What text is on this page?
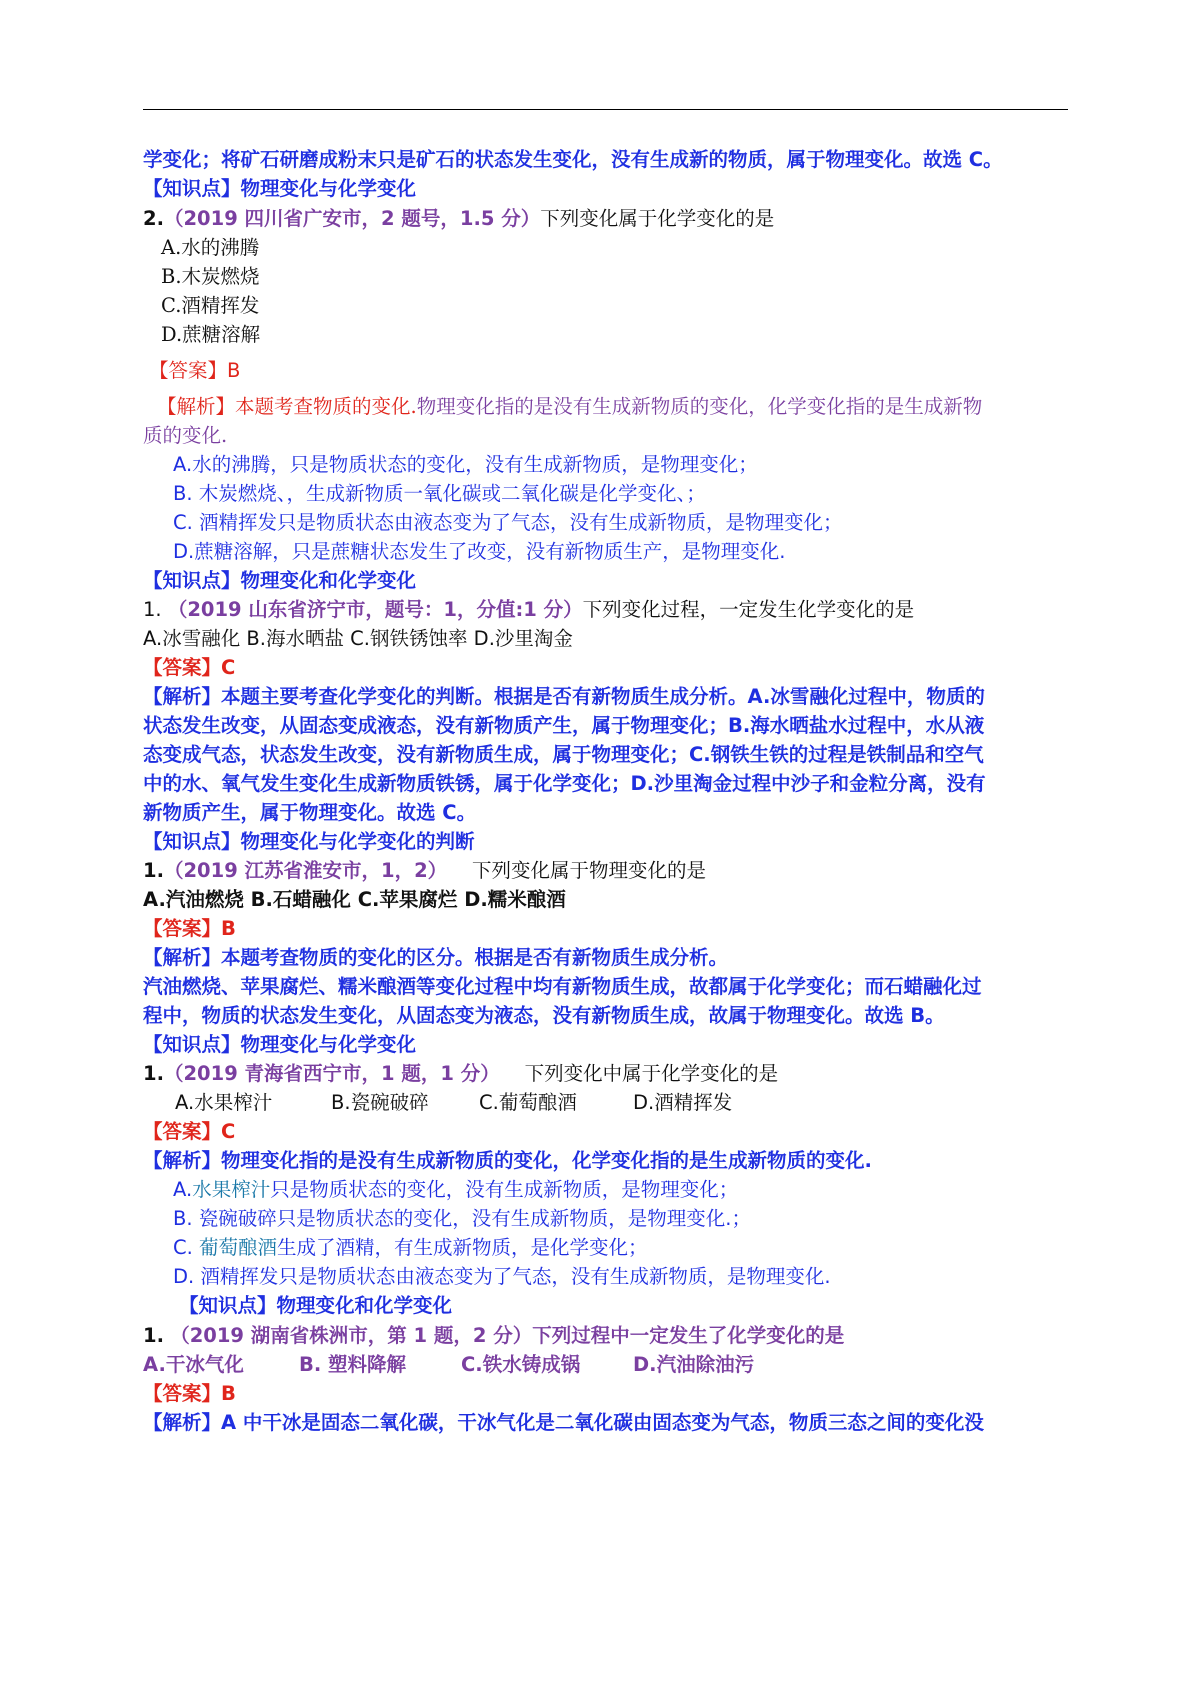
学变化；将矿石研磨成粉末只是矿石的状态发生变化，没有生成新的物质，属于物理变化。故选 C。
【知识点】物理变化与化学变化
2.（2019 四川省广安市，2 题号，1.5 分）下列变化属于化学变化的是
A.水的沸腾
B.木炭燃烧
C.酒精挥发
D.蔗糖溶解
【答案】B
【解析】本题考查物质的变化.物理变化指的是没有生成新物质的变化，化学变化指的是生成新物
质的变化.
A.水的沸腾，只是物质状态的变化，没有生成新物质，是物理变化；
B. 木炭燃烧、，生成新物质一氧化碳或二氧化碳是化学变化、；
C. 酒精挥发只是物质状态由液态变为了气态，没有生成新物质，是物理变化；
D.蔗糖溶解，只是蔗糖状态发生了改变，没有新物质生产，是物理变化.
【知识点】物理变化和化学变化
1. （2019 山东省济宁市，题号：1，分值:1 分）下列变化过程，一定发生化学变化的是
A.冰雪融化 B.海水晒盐 C.钢铁锈蚀率 D.沙里淘金
【答案】C
【解析】本题主要考查化学变化的判断。根据是否有新物质生成分析。A.冰雪融化过程中，物质的
状态发生改变，从固态变成液态，没有新物质产生，属于物理变化；B.海水晒盐水过程中，水从液
态变成气态，状态发生改变，没有新物质生成，属于物理变化；C.钢铁生铁的过程是铁制品和空气
中的水、氧气发生变化生成新物质铁锈，属于化学变化；D.沙里淘金过程中沙子和金粒分离，没有
新物质产生，属于物理变化。故选 C。
【知识点】物理变化与化学变化的判断
1.（2019 江苏省淮安市，1，2） 下列变化属于物理变化的是
A.汽油燃烧 B.石蜡融化 C.苹果腐烂 D.糯米酿酒
【答案】B
【解析】本题考查物质的变化的区分。根据是否有新物质生成分析。
汽油燃烧、苹果腐烂、糯米酿酒等变化过程中均有新物质生成，故都属于化学变化；而石蜡融化过
程中，物质的状态发生变化，从固态变为液态，没有新物质生成，故属于物理变化。故选 B。
【知识点】物理变化与化学变化
1.（2019 青海省西宁市，1 题，1 分） 下列变化中属于化学变化的是
A.水果榨汁	B.瓷碗破碎	C.葡萄酿酒	D.酒精挥发
【答案】C
【解析】物理变化指的是没有生成新物质的变化，化学变化指的是生成新物质的变化.
A.水果榨汁只是物质状态的变化，没有生成新物质，是物理变化；
B. 瓷碗破碎只是物质状态的变化，没有生成新物质，是物理变化.；
C. 葡萄酿酒生成了酒精，有生成新物质，是化学变化；
D. 酒精挥发只是物质状态由液态变为了气态，没有生成新物质，是物理变化.
【知识点】物理变化和化学变化
1. （2019 湖南省株洲市，第 1 题，2 分）下列过程中一定发生了化学变化的是
A.干冰气化	B. 塑料降解	C.铁水铸成锅	D.汽油除油污
【答案】B
【解析】A 中干冰是固态二氧化碳，干冰气化是二氧化碳由固态变为气态，物质三态之间的变化没
